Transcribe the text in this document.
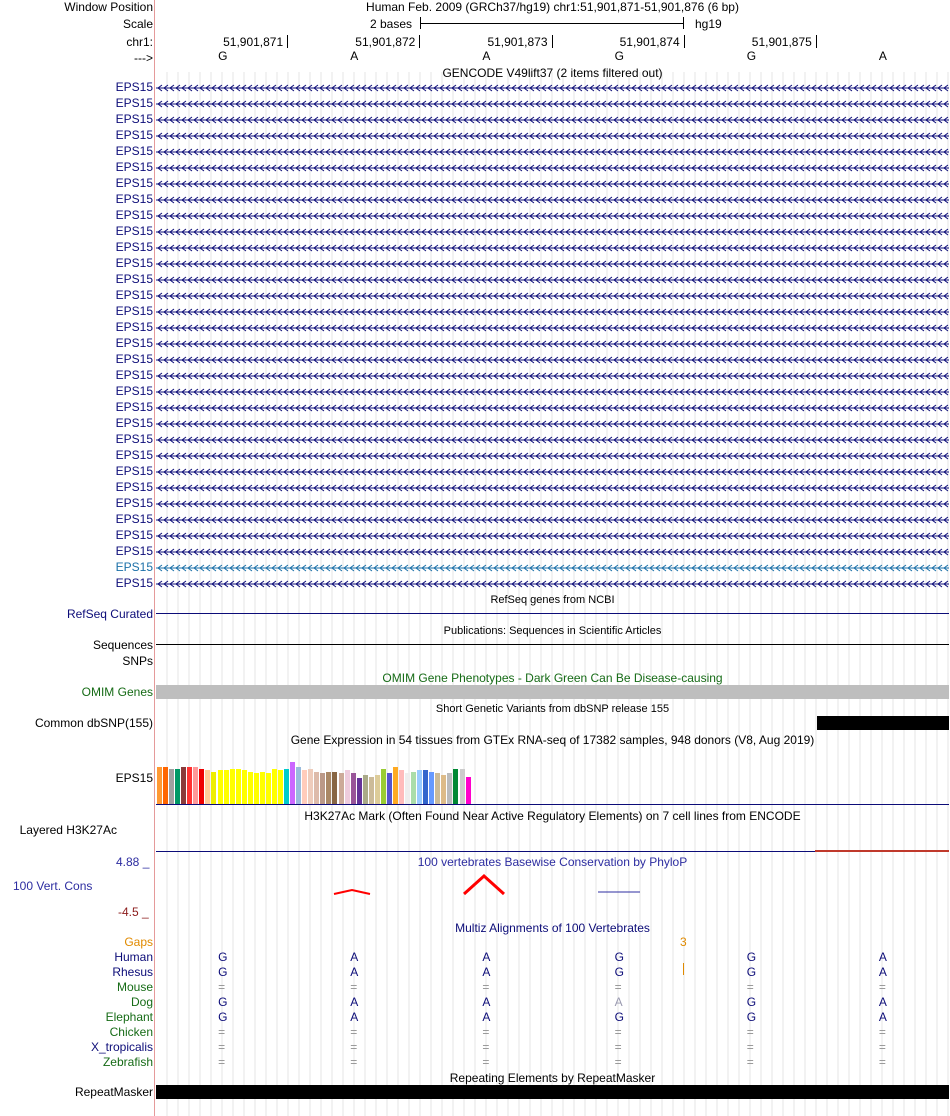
Window Position	Human Feb. 2009 (GRCh37/hg19) chr1:51,901,871-51,901,876 (6 bp)
Scale	2 bases	hg19
chr1:	51,901,871	51,901,872	51,901,873	51,901,874	51,901,875
--->	G	A	A	G	G	A
GENCODE V49lift37 (2 items filtered out)
EPS15
EPS15
EPS15
EPS15
EPS15
EPS15
EPS15
EPS15
EPS15
EPS15
EPS15
EPS15
EPS15
EPS15
EPS15
EPS15
EPS15
EPS15
EPS15
EPS15
EPS15
EPS15
EPS15
EPS15
EPS15
EPS15
EPS15
EPS15
EPS15
EPS15
EPS15
EPS15
RefSeq genes from NCBI
RefSeq Curated
Publications: Sequences in Scientific Articles
Sequences
SNPs
OMIM Gene Phenotypes - Dark Green Can Be Disease-causing
OMIM Genes
Short Genetic Variants from dbSNP release 155
Common dbSNP(155)
Gene Expression in 54 tissues from GTEx RNA-seq of 17382 samples, 948 donors (V8, Aug 2019)
EPS15
H3K27Ac Mark (Often Found Near Active Regulatory Elements) on 7 cell lines from ENCODE
Layered H3K27Ac
100 vertebrates Basewise Conservation by PhyloP
4.88 _
100 Vert. Cons
-4.5 _
Multiz Alignments of 100 Vertebrates
Gaps	3
Human	G	A	A	G	G	A
Rhesus	G	A	A	G	G	A
Mouse	=	=	=	=	=	=
Dog	G	A	A	A	G	A
Elephant	G	A	A	G	G	A
Chicken	=	=	=	=	=	=
X_tropicalis	=	=	=	=	=	=
Zebrafish	=	=	=	=	=	=
Repeating Elements by RepeatMasker
RepeatMasker
